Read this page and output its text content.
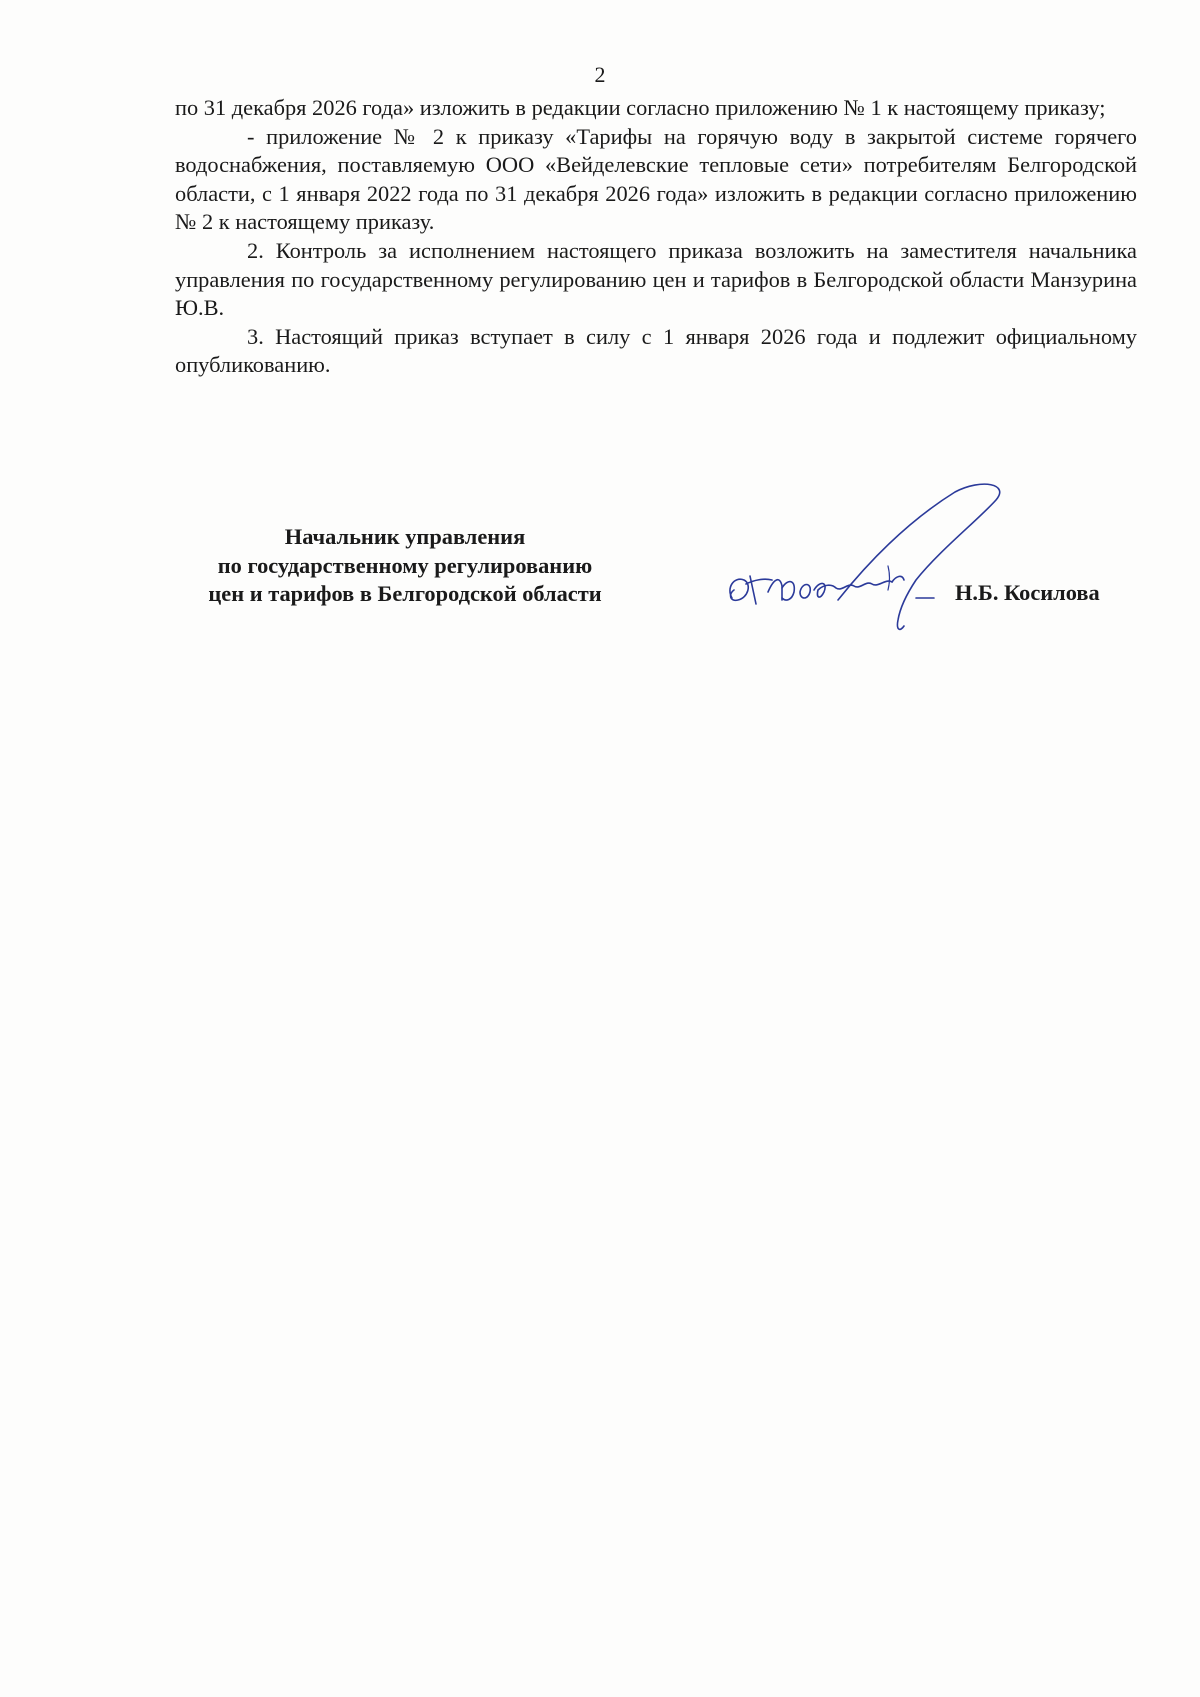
2

по 31 декабря 2026 года» изложить в редакции согласно приложению № 1 к настоящему приказу;

- приложение № 2 к приказу «Тарифы на горячую воду в закрытой системе горячего водоснабжения, поставляемую ООО «Вейделевские тепловые сети» потребителям Белгородской области, с 1 января 2022 года по 31 декабря 2026 года» изложить в редакции согласно приложению № 2 к настоящему приказу.

2. Контроль за исполнением настоящего приказа возложить на заместителя начальника управления по государственному регулированию цен и тарифов в Белгородской области Манзурина Ю.В.

3. Настоящий приказ вступает в силу с 1 января 2026 года и подлежит официальному опубликованию.

Начальник управления
по государственному регулированию
цен и тарифов в Белгородской области	Н.Б. Косилова
